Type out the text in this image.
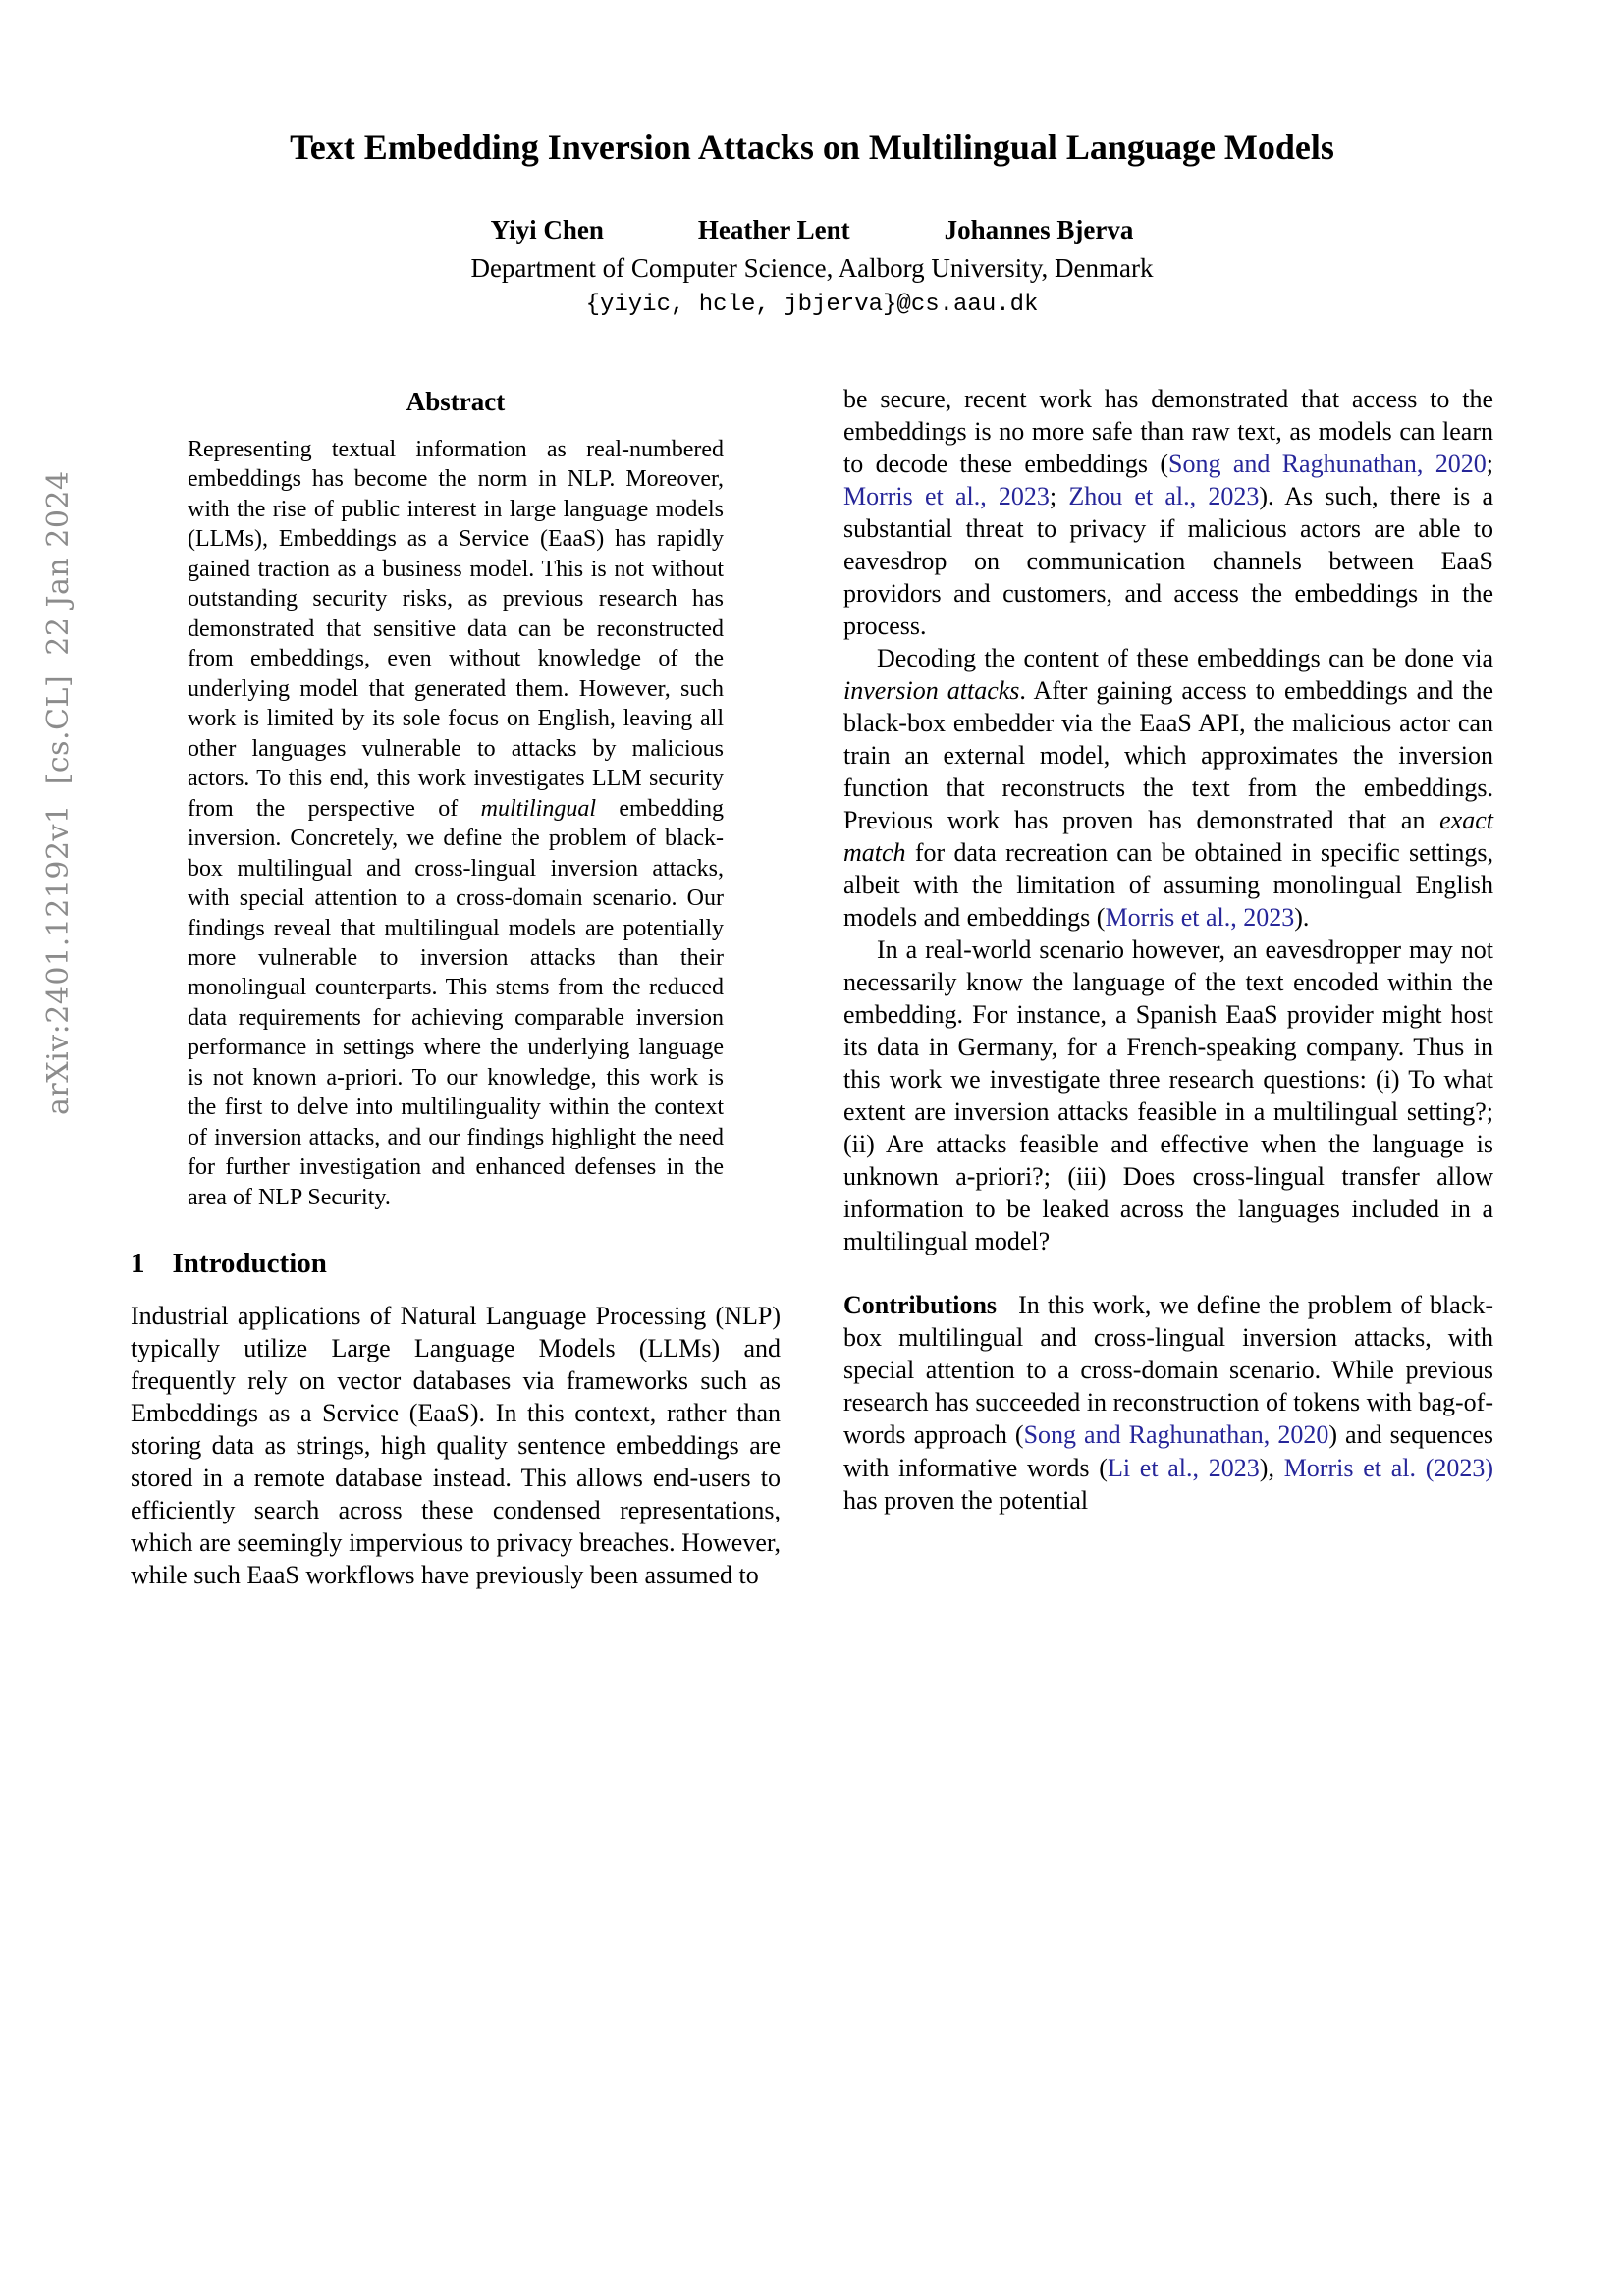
arXiv:2401.12192v1  [cs.CL]  22 Jan 2024
Text Embedding Inversion Attacks on Multilingual Language Models
Yiyi Chen	Heather Lent	Johannes Bjerva
Department of Computer Science, Aalborg University, Denmark
{yiyic, hcle, jbjerva}@cs.aau.dk
Abstract

Representing textual information as real-numbered embeddings has become the norm in NLP. Moreover, with the rise of public interest in large language models (LLMs), Embeddings as a Service (EaaS) has rapidly gained traction as a business model. This is not without outstanding security risks, as previous research has demonstrated that sensitive data can be reconstructed from embeddings, even without knowledge of the underlying model that generated them. However, such work is limited by its sole focus on English, leaving all other languages vulnerable to attacks by malicious actors. To this end, this work investigates LLM security from the perspective of multilingual embedding inversion. Concretely, we define the problem of black-box multilingual and cross-lingual inversion attacks, with special attention to a cross-domain scenario. Our findings reveal that multilingual models are potentially more vulnerable to inversion attacks than their monolingual counterparts. This stems from the reduced data requirements for achieving comparable inversion performance in settings where the underlying language is not known a-priori. To our knowledge, this work is the first to delve into multilinguality within the context of inversion attacks, and our findings highlight the need for further investigation and enhanced defenses in the area of NLP Security.

1 Introduction

Industrial applications of Natural Language Processing (NLP) typically utilize Large Language Models (LLMs) and frequently rely on vector databases via frameworks such as Embeddings as a Service (EaaS). In this context, rather than storing data as strings, high quality sentence embeddings are stored in a remote database instead. This allows end-users to efficiently search across these condensed representations, which are seemingly impervious to privacy breaches. However, while such EaaS workflows have previously been assumed to

be secure, recent work has demonstrated that access to the embeddings is no more safe than raw text, as models can learn to decode these embeddings (Song and Raghunathan, 2020; Morris et al., 2023; Zhou et al., 2023). As such, there is a substantial threat to privacy if malicious actors are able to eavesdrop on communication channels between EaaS providors and customers, and access the embeddings in the process.

Decoding the content of these embeddings can be done via inversion attacks. After gaining access to embeddings and the black-box embedder via the EaaS API, the malicious actor can train an external model, which approximates the inversion function that reconstructs the text from the embeddings. Previous work has proven has demonstrated that an exact match for data recreation can be obtained in specific settings, albeit with the limitation of assuming monolingual English models and embeddings (Morris et al., 2023).

In a real-world scenario however, an eavesdropper may not necessarily know the language of the text encoded within the embedding. For instance, a Spanish EaaS provider might host its data in Germany, for a French-speaking company. Thus in this work we investigate three research questions: (i) To what extent are inversion attacks feasible in a multilingual setting?; (ii) Are attacks feasible and effective when the language is unknown a-priori?; (iii) Does cross-lingual transfer allow information to be leaked across the languages included in a multilingual model?

Contributions In this work, we define the problem of black-box multilingual and cross-lingual inversion attacks, with special attention to a cross-domain scenario. While previous research has succeeded in reconstruction of tokens with bag-of-words approach (Song and Raghunathan, 2020) and sequences with informative words (Li et al., 2023), Morris et al. (2023) has proven the potential
